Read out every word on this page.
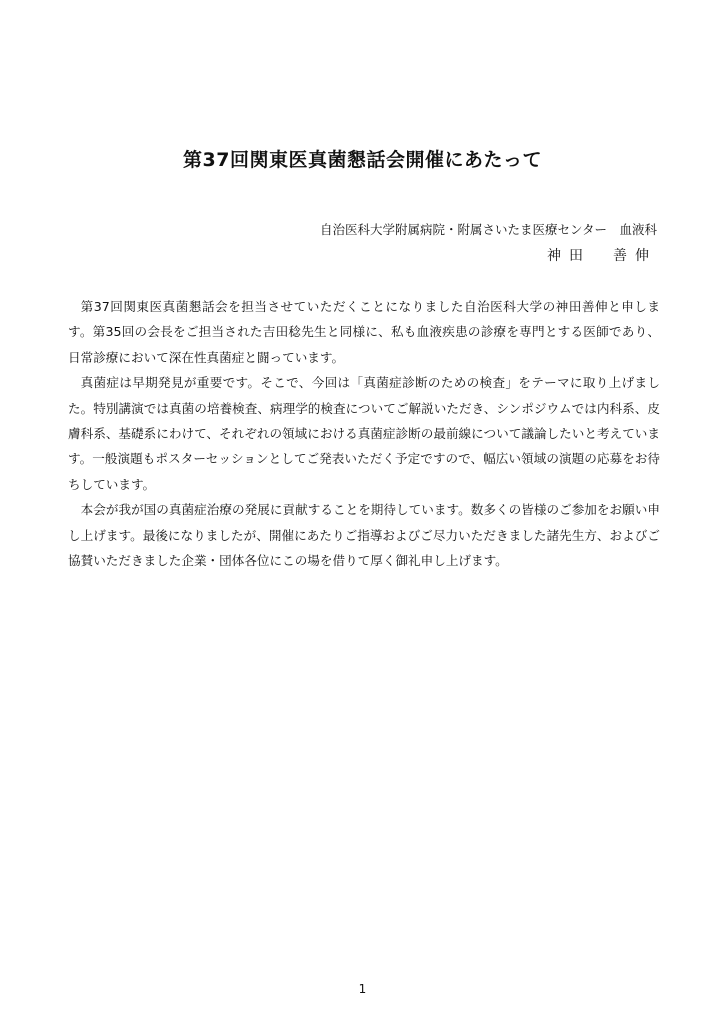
第37回関東医真菌懇話会開催にあたって
自治医科大学附属病院・附属さいたま医療センター　血液科
神田　善伸

第37回関東医真菌懇話会を担当させていただくことになりました自治医科大学の神田善伸と申します。第35回の会長をご担当された吉田稔先生と同様に、私も血液疾患の診療を専門とする医師であり、日常診療において深在性真菌症と闘っています。

真菌症は早期発見が重要です。そこで、今回は「真菌症診断のための検査」をテーマに取り上げました。特別講演では真菌の培養検査、病理学的検査についてご解説いただき、シンポジウムでは内科系、皮膚科系、基礎系にわけて、それぞれの領域における真菌症診断の最前線について議論したいと考えています。一般演題もポスターセッションとしてご発表いただく予定ですので、幅広い領域の演題の応募をお待ちしています。

本会が我が国の真菌症治療の発展に貢献することを期待しています。数多くの皆様のご参加をお願い申し上げます。最後になりましたが、開催にあたりご指導およびご尽力いただきました諸先生方、およびご協賛いただきました企業・団体各位にこの場を借りて厚く御礼申し上げます。

1
